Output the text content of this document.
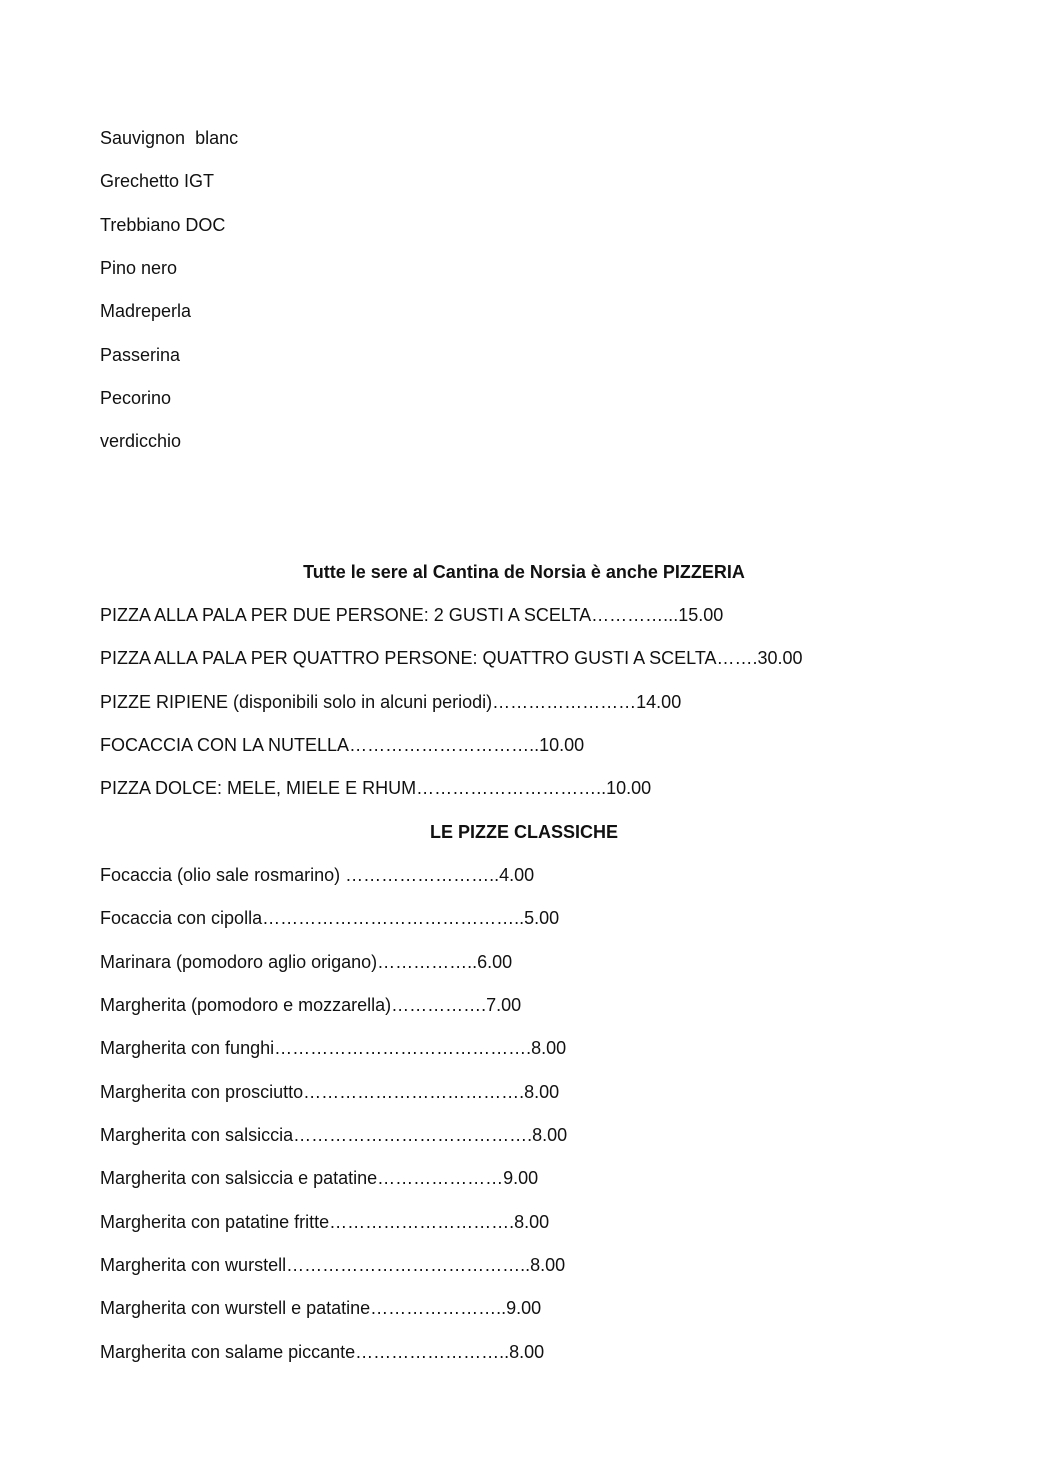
Sauvignon  blanc
Grechetto IGT
Trebbiano DOC
Pino nero
Madreperla
Passerina
Pecorino
verdicchio
Tutte le sere al Cantina de Norsia è anche PIZZERIA
PIZZA ALLA PALA PER DUE PERSONE: 2 GUSTI A SCELTA…………...15.00
PIZZA ALLA PALA PER QUATTRO PERSONE: QUATTRO GUSTI A SCELTA…….30.00
PIZZE RIPIENE (disponibili solo in alcuni periodi)……………………14.00
FOCACCIA CON LA NUTELLA…………………………..10.00
PIZZA DOLCE: MELE, MIELE E RHUM…………………………..10.00
LE PIZZE CLASSICHE
Focaccia (olio sale rosmarino) ……………………..4.00
Focaccia con cipolla……………………………………..5.00
Marinara (pomodoro aglio origano)……………..6.00
Margherita (pomodoro e mozzarella)…………….7.00
Margherita con funghi…………………………………….8.00
Margherita con prosciutto……………………………….8.00
Margherita con salsiccia………………………………….8.00
Margherita con salsiccia e patatine…………………9.00
Margherita con patatine fritte………………………….8.00
Margherita con wurstell…………………………………..8.00
Margherita con wurstell e patatine…………………..9.00
Margherita con salame piccante……………………..8.00
